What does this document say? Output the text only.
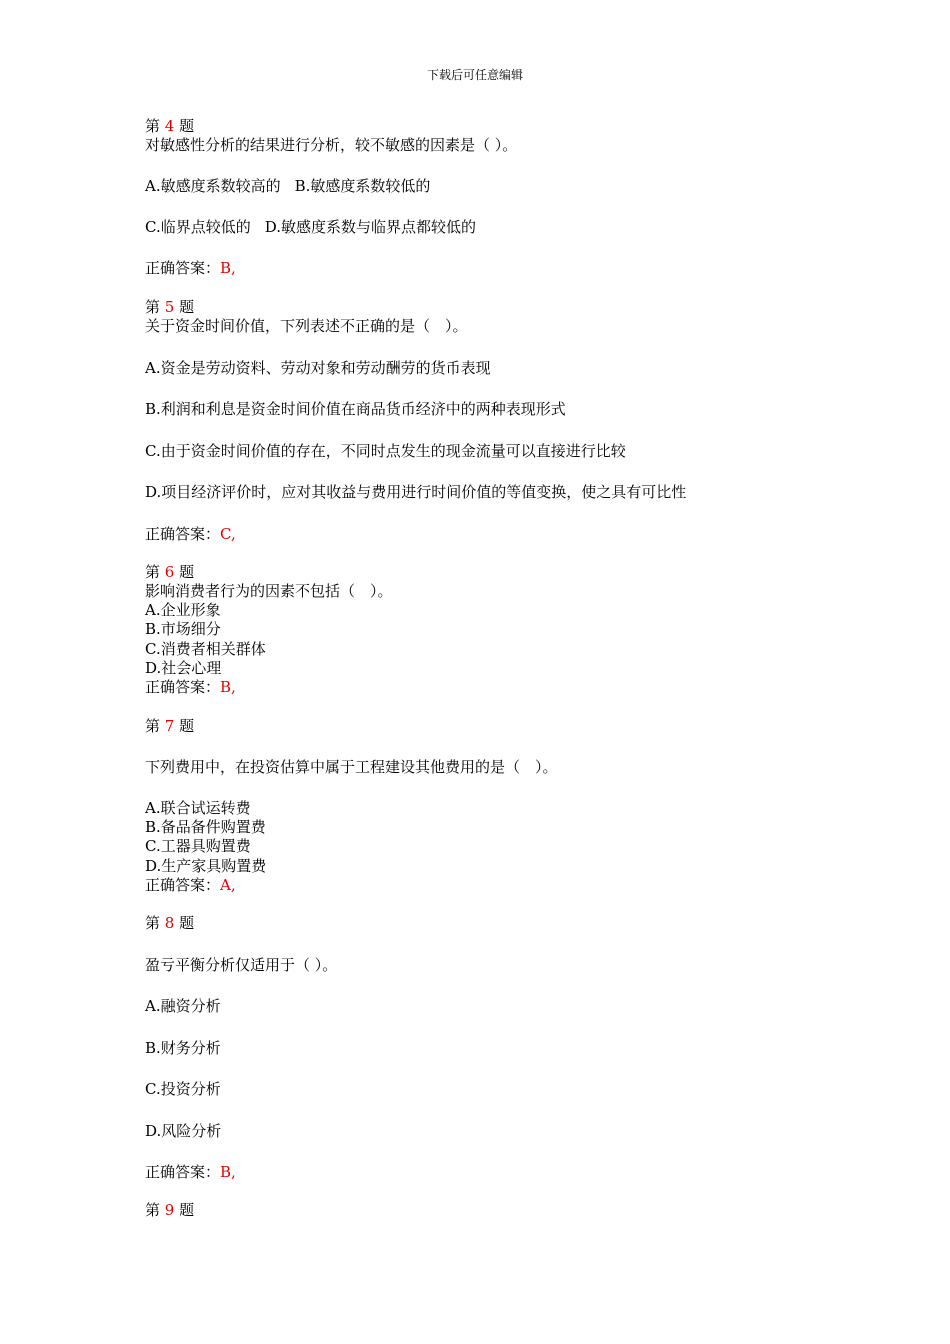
下载后可任意编辑
第 4 题
对敏感性分析的结果进行分析，较不敏感的因素是（ ）。
A.敏感度系数较高的 B.敏感度系数较低的
C.临界点较低的 D.敏感度系数与临界点都较低的
正确答案：B,
第 5 题
关于资金时间价值，下列表述不正确的是（　）。
A.资金是劳动资料、劳动对象和劳动酬劳的货币表现
B.利润和利息是资金时间价值在商品货币经济中的两种表现形式
C.由于资金时间价值的存在，不同时点发生的现金流量可以直接进行比较
D.项目经济评价时，应对其收益与费用进行时间价值的等值变换，使之具有可比性
正确答案：C,
第 6 题
影响消费者行为的因素不包括（　）。
A.企业形象
B.市场细分
C.消费者相关群体
D.社会心理
正确答案：B,
第 7 题
下列费用中，在投资估算中属于工程建设其他费用的是（　）。
A.联合试运转费
B.备品备件购置费
C.工器具购置费
D.生产家具购置费
正确答案：A,
第 8 题
盈亏平衡分析仅适用于（ ）。
A.融资分析
B.财务分析
C.投资分析
D.风险分析
正确答案：B,
第 9 题
